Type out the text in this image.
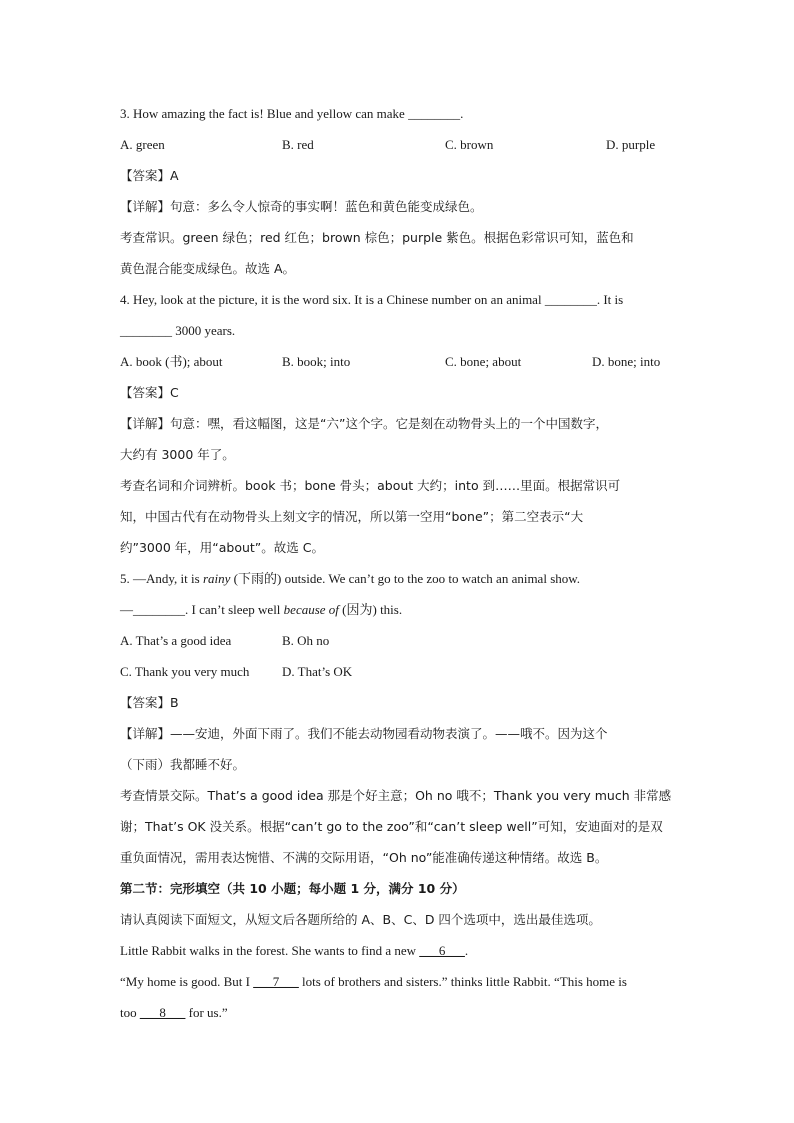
3. How amazing the fact is! Blue and yellow can make ________.
A. green	B. red	C. brown	D. purple
【答案】A
【详解】句意：多么令人惊奇的事实啊！蓝色和黄色能变成绿色。
考查常识。green 绿色；red 红色；brown 棕色；purple 紫色。根据色彩常识可知，蓝色和
黄色混合能变成绿色。故选 A。
4. Hey, look at the picture, it is the word six. It is a Chinese number on an animal ________. It is
________ 3000 years.
A. book (书); about	B. book; into	C. bone; about	D. bone; into
【答案】C
【详解】句意：嘿，看这幅图，这是“六”这个字。它是刻在动物骨头上的一个中国数字，
大约有 3000 年了。
考查名词和介词辨析。book 书；bone 骨头；about 大约；into 到……里面。根据常识可
知，中国古代有在动物骨头上刻文字的情况，所以第一空用“bone”；第二空表示“大
约”3000 年，用“about”。故选 C。
5. —Andy, it is rainy (下雨的) outside. We can’t go to the zoo to watch an animal show.
—________. I can’t sleep well because of (因为) this.
A. That’s a good idea	B. Oh no
C. Thank you very much	D. That’s OK
【答案】B
【详解】——安迪，外面下雨了。我们不能去动物园看动物表演了。——哦不。因为这个
（下雨）我都睡不好。
考查情景交际。That’s a good idea 那是个好主意；Oh no 哦不；Thank you very much 非常感
谢；That’s OK 没关系。根据“can’t go to the zoo”和“can’t sleep well”可知，安迪面对的是双
重负面情况，需用表达惋惜、不满的交际用语，“Oh no”能准确传递这种情绪。故选 B。
第二节：完形填空（共 10 小题；每小题 1 分，满分 10 分）
请认真阅读下面短文，从短文后各题所给的 A、B、C、D 四个选项中，选出最佳选项。
Little Rabbit walks in the forest. She wants to find a new ___6___.
“My home is good. But I ___7___ lots of brothers and sisters.” thinks little Rabbit. “This home is
too ___8___ for us.”
